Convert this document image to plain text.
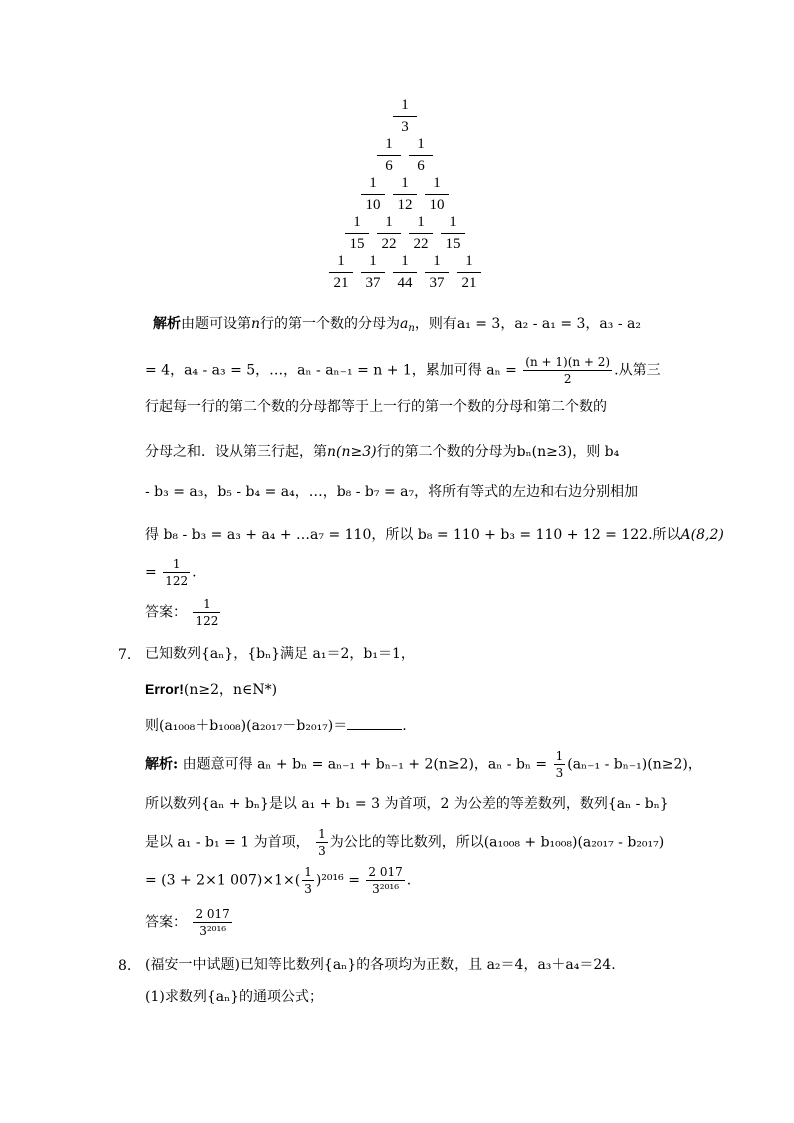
1
3
1
6
1
6
1
10
1
12
1
10
1
15
1
22
1
22
1
15
1
21
1
37
1
44
1
37
1
21
解析由题可设第n行的第一个数的分母为$a_n$，则有a₁ = 3，a₂ - a₁ = 3，a₃ - a₂
= 4，a₄ - a₃ = 5，…，aₙ - aₙ₋₁ = n + 1，累加可得 $a_n = \frac{(n + 1)(n + 2)}{2}$ .从第三
行起每一行的第二个数的分母都等于上一行的第一个数的分母和第二个数的
分母之和．设从第三行起，第n(n≥3)行的第二个数的分母为bₙ(n≥3)，则 b₄
- b₃ = a₃，b₅ - b₄ = a₄，…，b₈ - b₇ = a₇，将所有等式的左边和右边分别相加
得 b₈ - b₃ = a₃ + a₄ + …a₇ = 110，所以 b₈ = 110 + b₃ = 110 + 12 = 122.所以A(8,2)
= $\frac{1}{122}$ .
答案： $\frac{1}{122}$
7. 已知数列{aₙ}，{bₙ}满足 a₁＝2，b₁＝1，
Error!(n≥2，n∈N*)
则(a₁₀₀₈＋b₁₀₀₈)(a₂₀₁₇－b₂₀₁₇)＝	.
解析: 由题意可得 aₙ + bₙ = aₙ₋₁ + bₙ₋₁ + 2(n≥2)，$a_n - b_n = \frac{1}{3} (a_{n-1} - b_{n-1})(n\ge 2)$，
所以数列{aₙ + bₙ}是以 a₁ + b₁ = 3 为首项，2 为公差的等差数列，数列{aₙ - bₙ}
是以 a₁ - b₁ = 1 为首项， $\frac{1}{3}$ 为公比的等比数列，所以(a₁₀₀₈ + b₁₀₀₈)(a₂₀₁₇ - b₂₀₁₇)
= (3 + 2×1 $007)\times 1\times( \frac{1}{3} )^{2016} = \frac{2 017}{\text{3²⁰¹⁶}}$ .
答案： $\frac{2 017}{\text{3²⁰¹⁶}}$
8. (福安一中试题)已知等比数列{aₙ}的各项均为正数，且 a₂＝4，a₃＋a₄＝24.
(1)求数列{aₙ}的通项公式；
